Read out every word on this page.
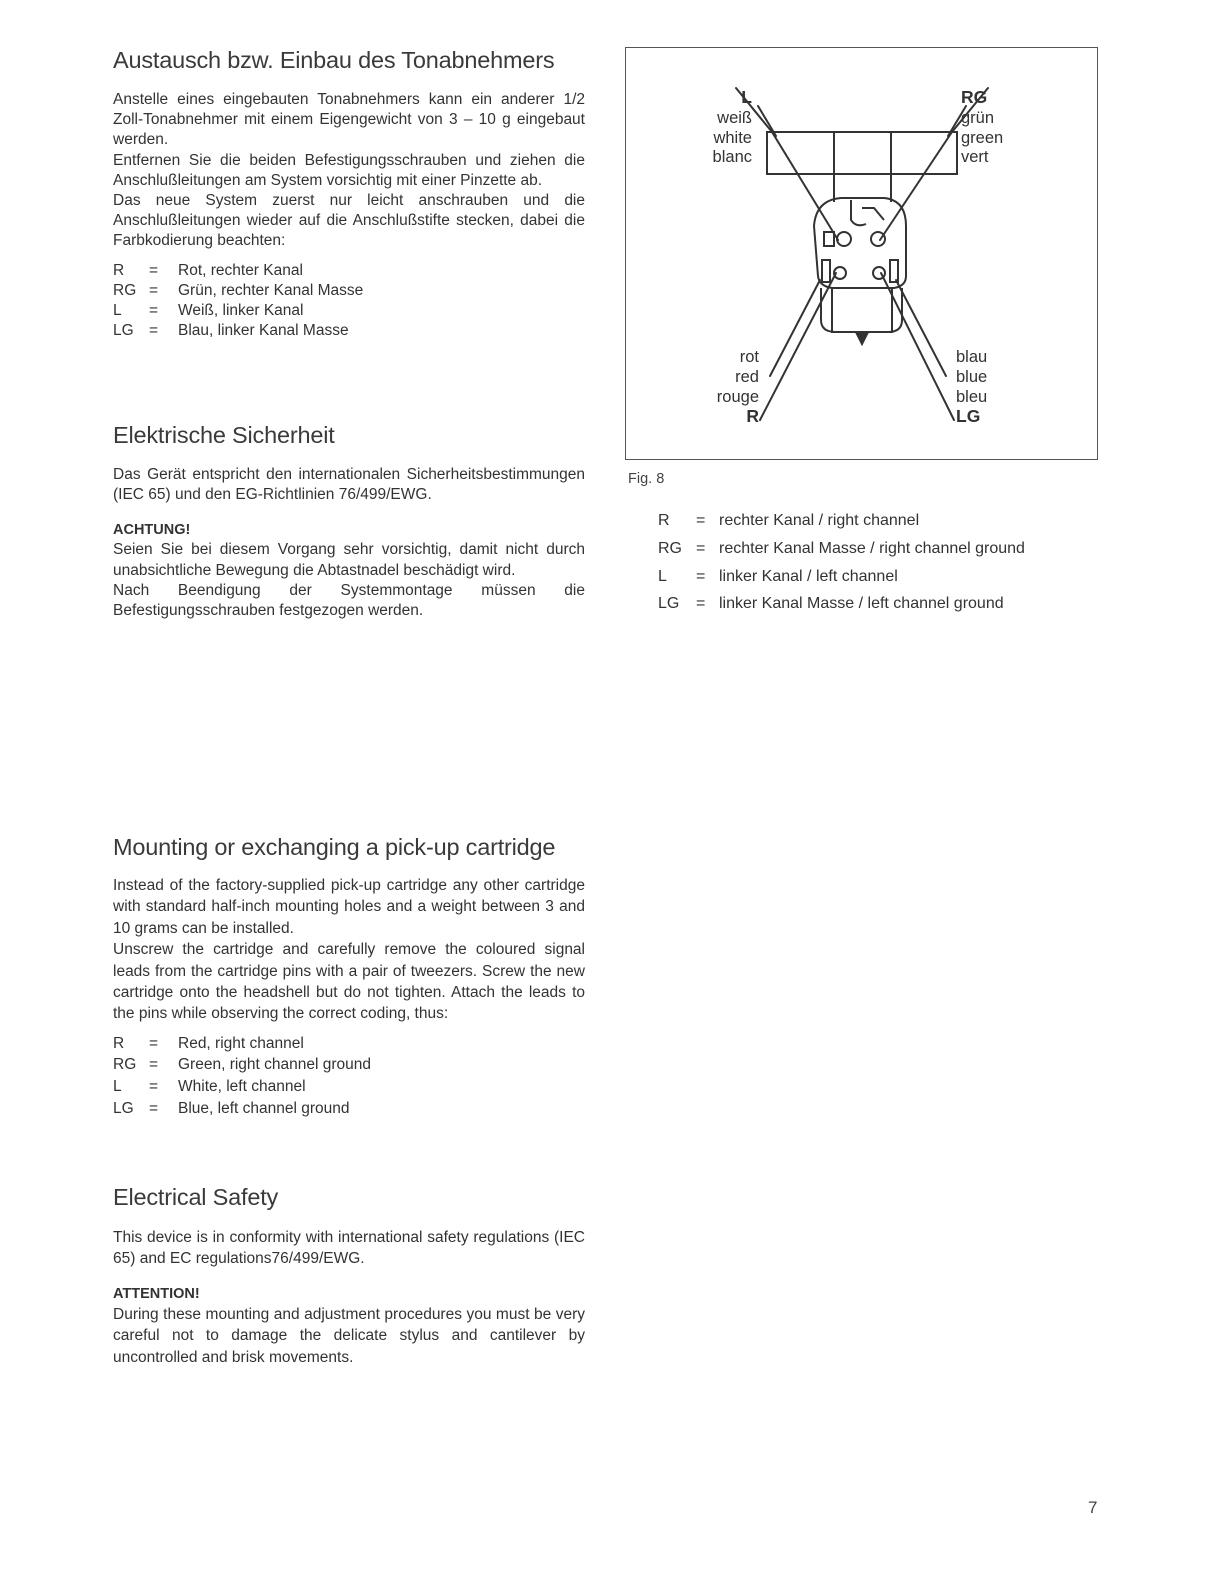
Austausch bzw. Einbau des Tonabnehmers

Anstelle eines eingebauten Tonabnehmers kann ein anderer 1/2 Zoll-Tonabnehmer mit einem Eigengewicht von 3 – 10 g eingebaut werden.

Entfernen Sie die beiden Befestigungsschrauben und ziehen die Anschlußleitungen am System vorsichtig mit einer Pinzette ab.

Das neue System zuerst nur leicht anschrauben und die Anschlußleitungen wieder auf die Anschlußstifte stecken, dabei die Farbkodierung beachten:

R	=	Rot, rechter Kanal
RG =	Grün, rechter Kanal Masse
L	=	Weiß, linker Kanal
LG =	Blau, linker Kanal Masse
Elektrische Sicherheit

Das Gerät entspricht den internationalen Sicherheitsbestimmungen (IEC 65) und den EG-Richtlinien 76/499/EWG.

ACHTUNG!

Seien Sie bei diesem Vorgang sehr vorsichtig, damit nicht durch unabsichtliche Bewegung die Abtastnadel beschädigt wird.

Nach Beendigung der Systemmontage müssen die Befestigungsschrauben festgezogen werden.

Mounting or exchanging a pick-up cartridge

Instead of the factory-supplied pick-up cartridge any other cartridge with standard half-inch mounting holes and a weight between 3 and 10 grams can be installed.

Unscrew the cartridge and carefully remove the coloured signal leads from the cartridge pins with a pair of tweezers. Screw the new cartridge onto the headshell but do not tighten. Attach the leads to the pins while observing the correct coding, thus:

R	=	Red, right channel
RG =	Green, right channel ground
L	=	White, left channel
LG =	Blue, left channel ground
Electrical Safety

This device is in conformity with international safety regulations (IEC 65) and EC regulations76/499/EWG.

ATTENTION!

During these mounting and adjustment procedures you must be very careful not to damage the delicate stylus and cantilever by uncontrolled and brisk movements.

L
weiß
white
blanc
RG
grün
green
vert
rot
red
rouge
R
blau
blue
bleu
LG
Fig. 8
R	= rechter Kanal / right channel
RG = rechter Kanal Masse / right channel ground
L	= linker Kanal / left channel
LG	= linker Kanal Masse / left channel ground
7
